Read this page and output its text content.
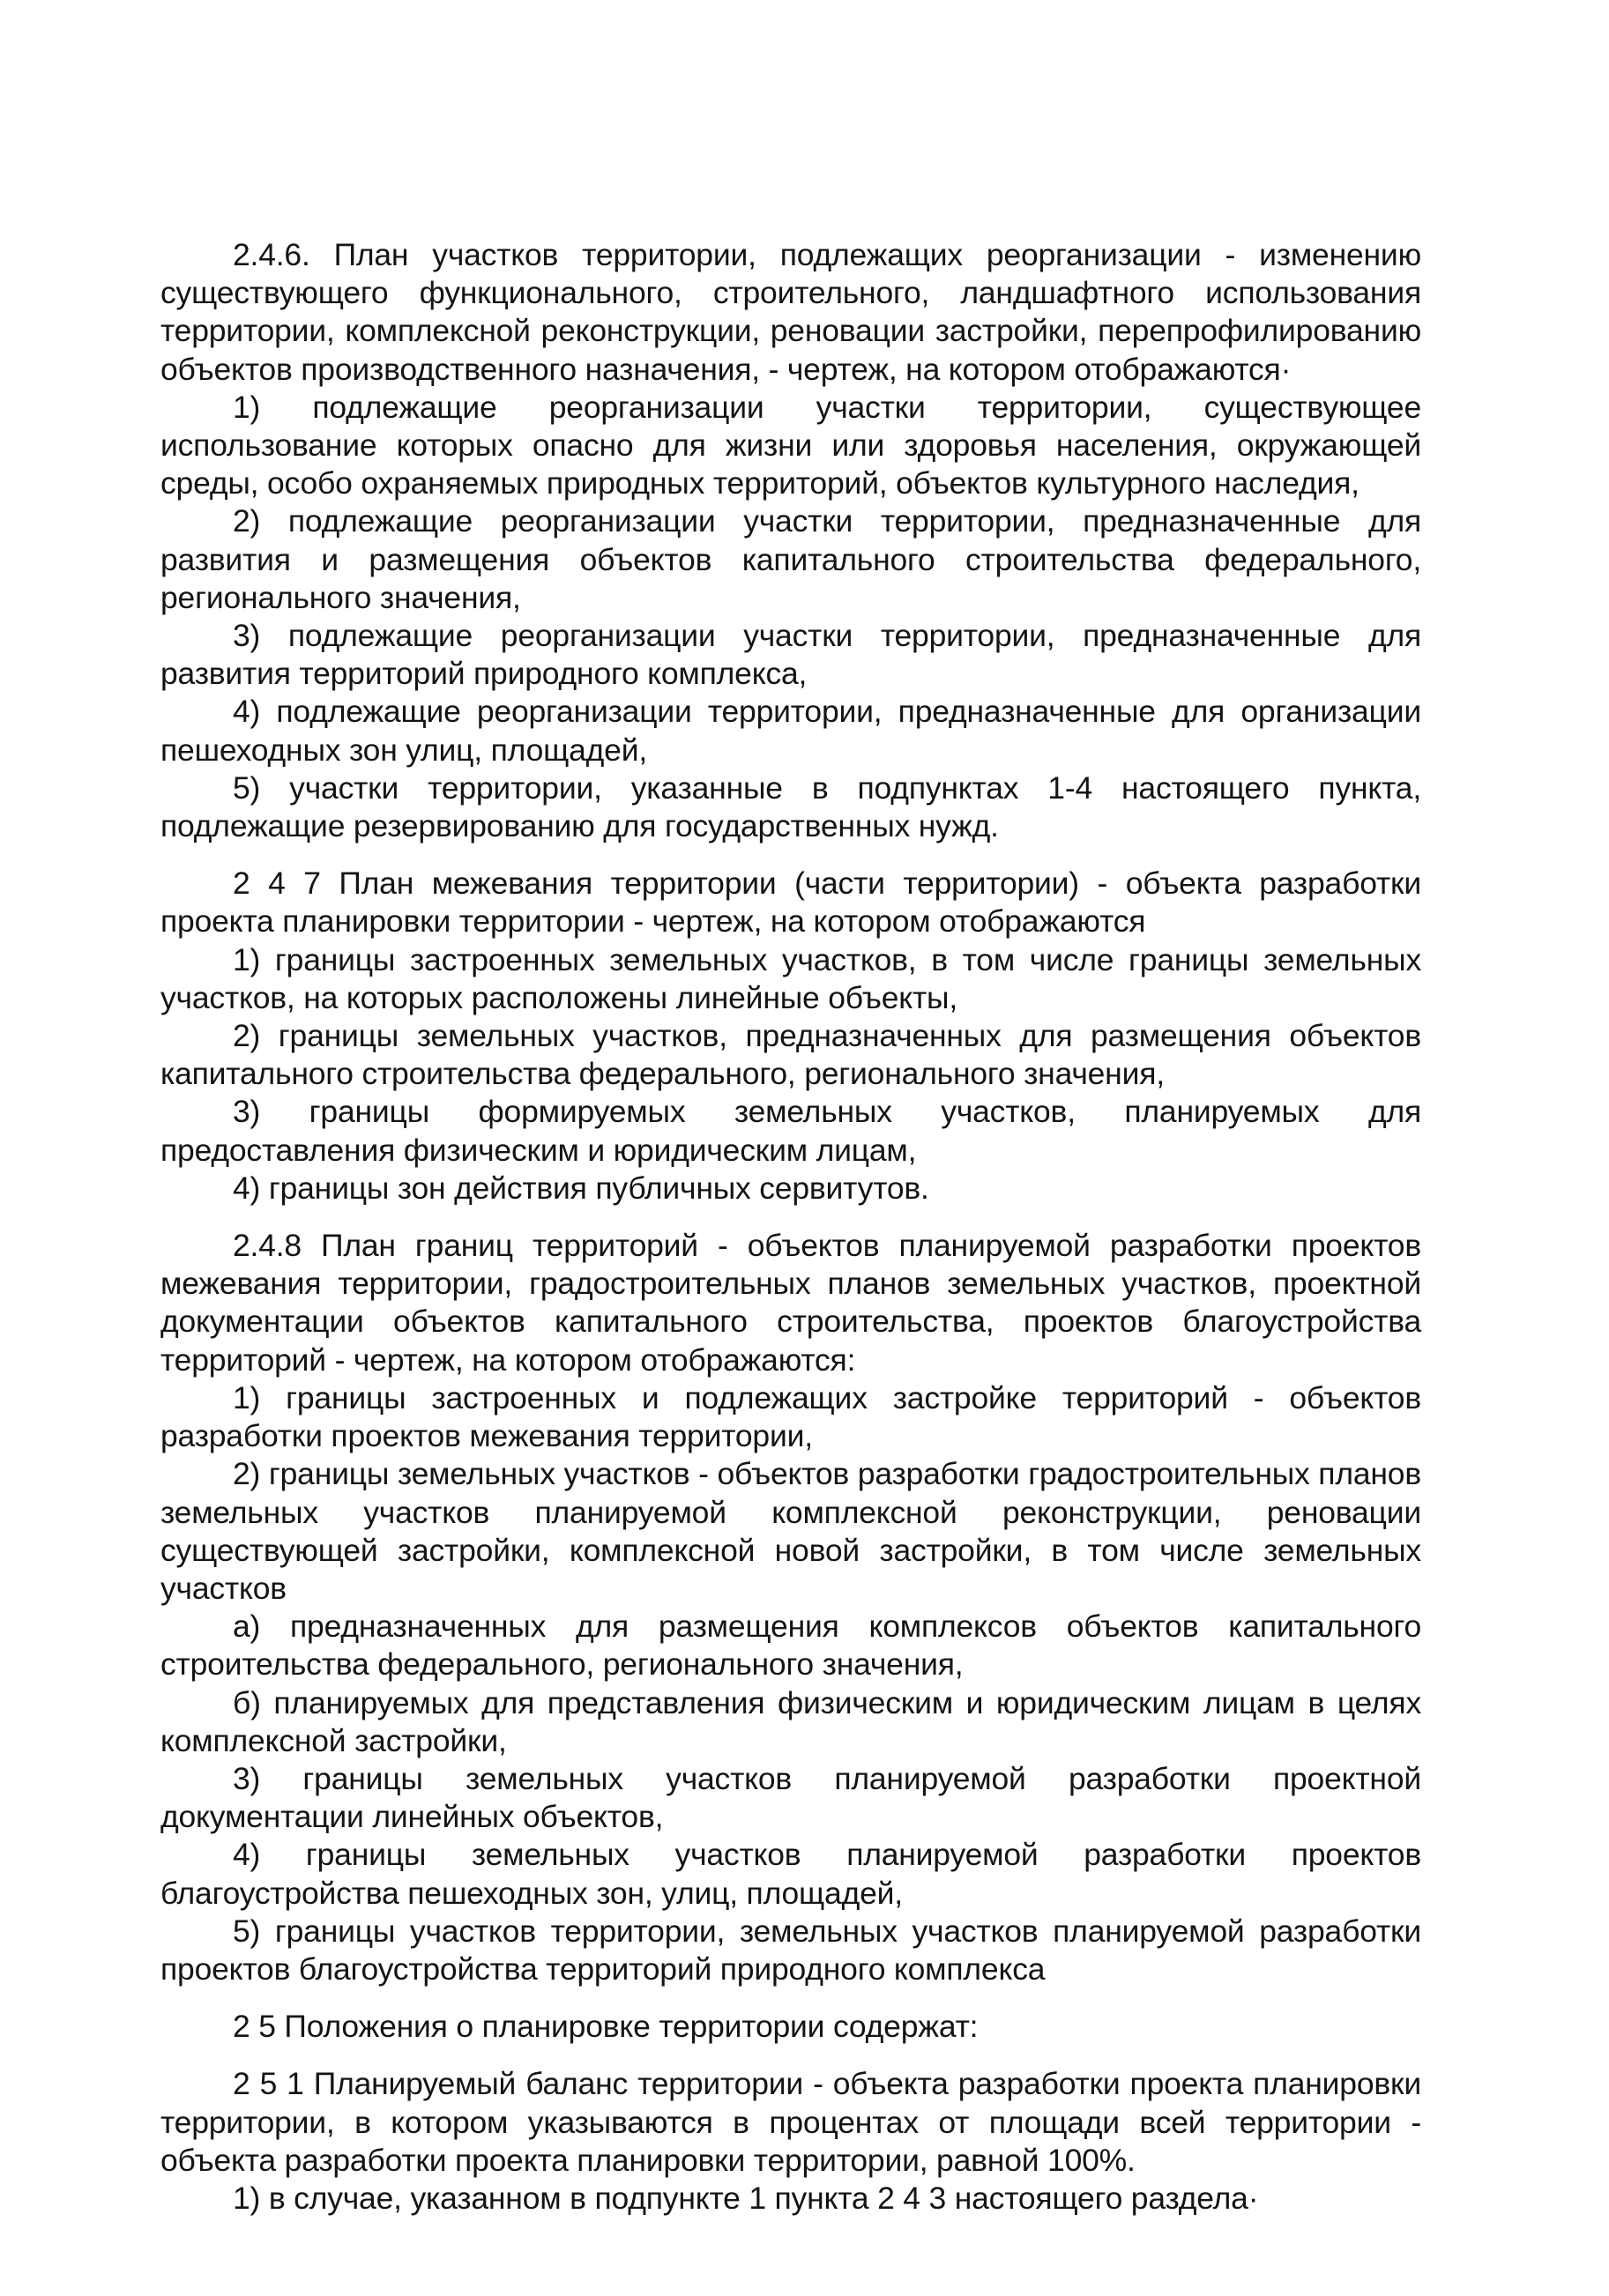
2.4.6. План участков территории, подлежащих реорганизации - изменению существующего функционального, строительного, ландшафтного использования территории, комплексной реконструкции, реновации застройки, перепрофилированию объектов производственного назначения, - чертеж, на котором отображаются·

1) подлежащие реорганизации участки территории, существующее использование которых опасно для жизни или здоровья населения, окружающей среды, особо охраняемых природных территорий, объектов культурного наследия,

2) подлежащие реорганизации участки территории, предназначенные для развития и размещения объектов капитального строительства федерального, регионального значения,

3) подлежащие реорганизации участки территории, предназначенные для развития территорий природного комплекса,

4) подлежащие реорганизации территории, предназначенные для организации пешеходных зон улиц, площадей,

5) участки территории, указанные в подпунктах 1-4 настоящего пункта, подлежащие резервированию для государственных нужд.

2 4 7 План межевания территории (части территории) - объекта разработки проекта планировки территории - чертеж, на котором отображаются

1) границы застроенных земельных участков, в том числе границы земельных участков, на которых расположены линейные объекты,

2) границы земельных участков, предназначенных для размещения объектов капитального строительства федерального, регионального значения,

3) границы формируемых земельных участков, планируемых для предоставления физическим и юридическим лицам,

4) границы зон действия публичных сервитутов.

2.4.8 План границ территорий - объектов планируемой разработки проектов межевания территории, градостроительных планов земельных участков, проектной документации объектов капитального строительства, проектов благоустройства территорий - чертеж, на котором отображаются:

1) границы застроенных и подлежащих застройке территорий - объектов разработки проектов межевания территории,

2) границы земельных участков - объектов разработки градостроительных планов земельных участков планируемой комплексной реконструкции, реновации существующей застройки, комплексной новой застройки, в том числе земельных участков

а) предназначенных для размещения комплексов объектов капитального строительства федерального, регионального значения,

б) планируемых для представления физическим и юридическим лицам в целях комплексной застройки,

3) границы земельных участков планируемой разработки проектной документации линейных объектов,

4) границы земельных участков планируемой разработки проектов благоустройства пешеходных зон, улиц, площадей,

5) границы участков территории, земельных участков планируемой разработки проектов благоустройства территорий природного комплекса

2 5 Положения о планировке территории содержат:

2 5 1 Планируемый баланс территории - объекта разработки проекта планировки территории, в котором указываются в процентах от площади всей территории - объекта разработки проекта планировки территории, равной 100%.

1) в случае, указанном в подпункте 1 пункта 2 4 3 настоящего раздела·
